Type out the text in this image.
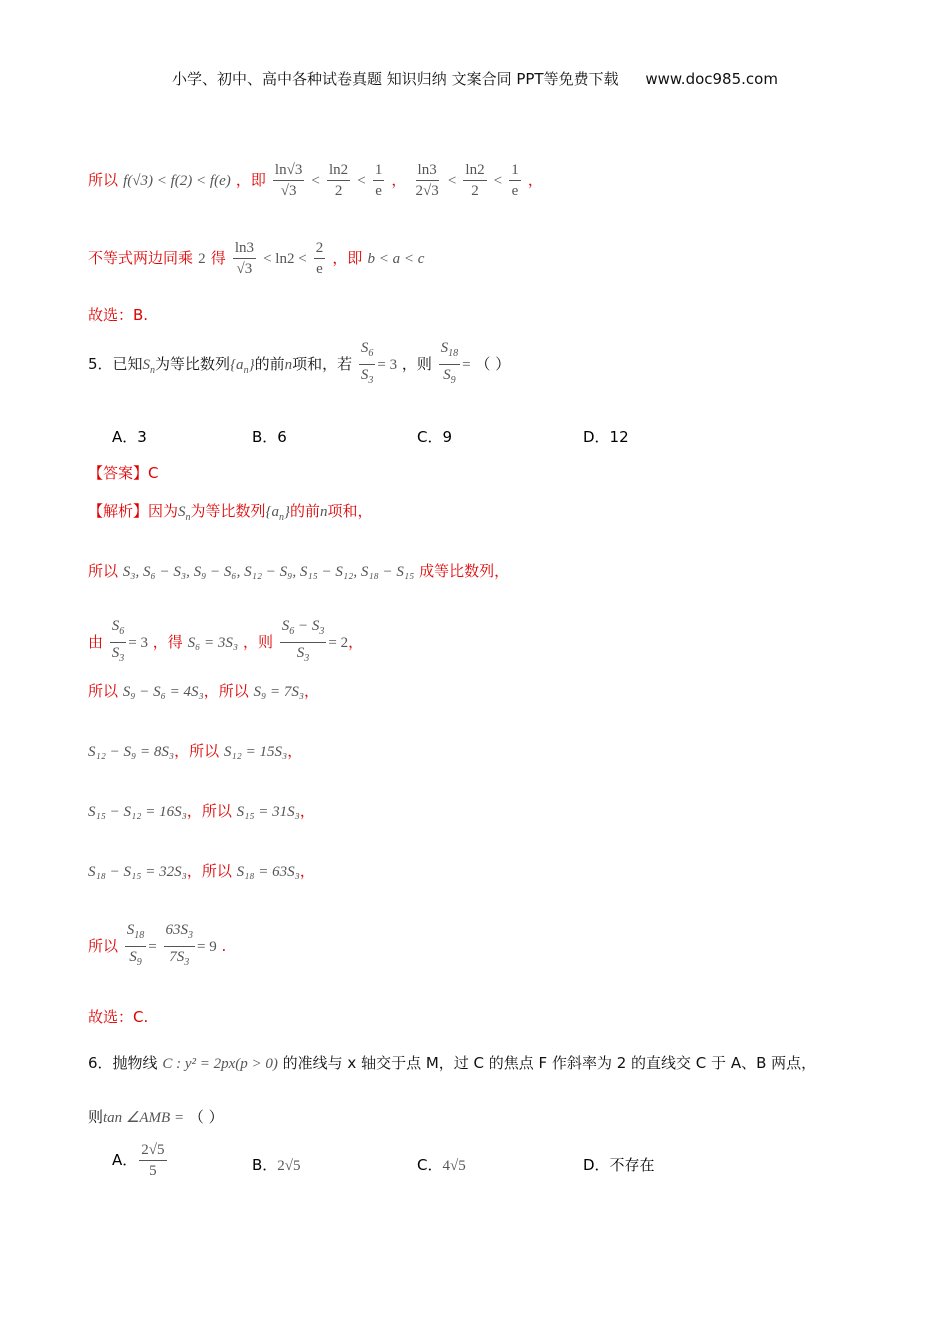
小学、初中、高中各种试卷真题 知识归纳 文案合同 PPT等免费下载 www.doc985.com
所以 f(√3) < f(2) < f(e) ，即 $\frac{\ln√3}{√3} < \frac{\ln 2}{2} < \frac{1}{e}$ ， $\frac{\ln 3}{2√3} < \frac{\ln 2}{2} < \frac{1}{e}$ ，
不等式两边同乘 2 得 $\frac{\ln 3}{√3} < \ln 2 < \frac{2}{e}$ ，即 b < a < c
故选：B.
5．已知$S_n$为等比数列$\{a_n\}$的前n项和，若 $\frac{S_6}{S_3} = 3$ ，则 $\frac{S_{18}}{S_9}$ = （ ）
A．3	B．6	C．9	D．12
【答案】C
【解析】因为$S_n$为等比数列$\{a_n\}$的前n项和，
所以 S₃, S₆ − S₃, S₉ − S₆, S₁₂ − S₉, S₁₅ − S₁₂, S₁₈ − S₁₅ 成等比数列，
由 $\frac{S_6}{S_3} = 3$ ，得 S₆ = 3S₃ ，则 $\frac{S_6 - S_3}{S_3} = 2$，
所以 S₉ − S₆ = 4S₃，所以 S₉ = 7S₃，
S₁₂ − S₉ = 8S₃，所以 S₁₂ = 15S₃，
S₁₅ − S₁₂ = 16S₃，所以 S₁₅ = 31S₃，
S₁₈ − S₁₅ = 32S₃，所以 S₁₈ = 63S₃，
所以 $\frac{S_{18}}{S_9} = \frac{63S_3}{7S_3} = 9$ .
故选：C.
6．抛物线 C : y² = 2px(p > 0) 的准线与 x 轴交于点 M，过 C 的焦点 F 作斜率为 2 的直线交 C 于 A、B 两点，
则tan ∠AMB = （ ）
A． $\frac{2√5}{5}$	B．2√5	C．4√5	D．不存在
